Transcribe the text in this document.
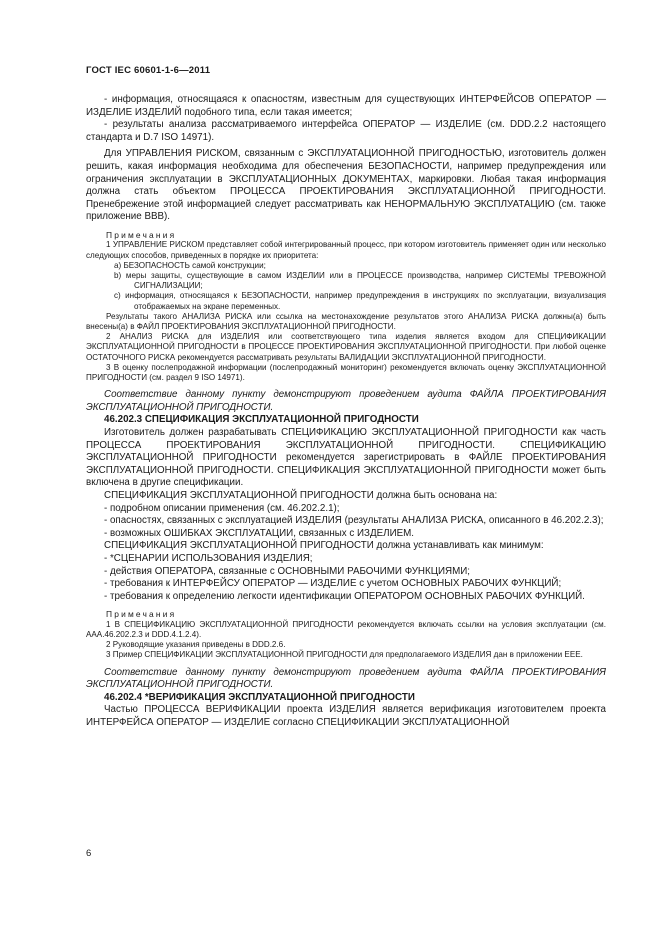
ГОСТ IEC 60601-1-6—2011

- информация, относящаяся к опасностям, известным для существующих ИНТЕРФЕЙСОВ ОПЕРАТОР — ИЗДЕЛИЕ ИЗДЕЛИЙ подобного типа, если такая имеется;

- результаты анализа рассматриваемого интерфейса ОПЕРАТОР — ИЗДЕЛИЕ (см. DDD.2.2 настоящего стандарта и D.7 ISO 14971).

Для УПРАВЛЕНИЯ РИСКОМ, связанным с ЭКСПЛУАТАЦИОННОЙ ПРИГОДНОСТЬЮ, изготовитель должен решить, какая информация необходима для обеспечения БЕЗОПАСНОСТИ, например предупреждения или ограничения эксплуатации в ЭКСПЛУАТАЦИОННЫХ ДОКУМЕНТАХ, маркировки. Любая такая информация должна стать объектом ПРОЦЕССА ПРОЕКТИРОВАНИЯ ЭКСПЛУАТАЦИОННОЙ ПРИГОДНОСТИ. Пренебрежение этой информацией следует рассматривать как НЕНОРМАЛЬНУЮ ЭКСПЛУАТАЦИЮ (см. также приложение ВВВ).

Примечания

1 УПРАВЛЕНИЕ РИСКОМ представляет собой интегрированный процесс, при котором изготовитель применяет один или несколько следующих способов, приведенных в порядке их приоритета:

а) БЕЗОПАСНОСТЬ самой конструкции;

b) меры защиты, существующие в самом ИЗДЕЛИИ или в ПРОЦЕССЕ производства, например СИСТЕМЫ ТРЕВОЖНОЙ СИГНАЛИЗАЦИИ;

с) информация, относящаяся к БЕЗОПАСНОСТИ, например предупреждения в инструкциях по эксплуатации, визуализация отображаемых на экране переменных.

Результаты такого АНАЛИЗА РИСКА или ссылка на местонахождение результатов этого АНАЛИЗА РИСКА должны(а) быть внесены(а) в ФАЙЛ ПРОЕКТИРОВАНИЯ ЭКСПЛУАТАЦИОННОЙ ПРИГОДНОСТИ.

2 АНАЛИЗ РИСКА для ИЗДЕЛИЯ или соответствующего типа изделия является входом для СПЕЦИФИКАЦИИ ЭКСПЛУАТАЦИОННОЙ ПРИГОДНОСТИ в ПРОЦЕССЕ ПРОЕКТИРОВАНИЯ ЭКСПЛУАТАЦИОННОЙ ПРИГОДНОСТИ. При любой оценке ОСТАТОЧНОГО РИСКА рекомендуется рассматривать результаты ВАЛИДАЦИИ ЭКСПЛУАТАЦИОННОЙ ПРИГОДНОСТИ.

3 В оценку послепродажной информации (послепродажный мониторинг) рекомендуется включать оценку ЭКСПЛУАТАЦИОННОЙ ПРИГОДНОСТИ (см. раздел 9 ISO 14971).

Соответствие данному пункту демонстрируют проведением аудита ФАЙЛА ПРОЕКТИРОВАНИЯ ЭКСПЛУАТАЦИОННОЙ ПРИГОДНОСТИ.

46.202.3 СПЕЦИФИКАЦИЯ ЭКСПЛУАТАЦИОННОЙ ПРИГОДНОСТИ

Изготовитель должен разрабатывать СПЕЦИФИКАЦИЮ ЭКСПЛУАТАЦИОННОЙ ПРИГОДНОСТИ как часть ПРОЦЕССА ПРОЕКТИРОВАНИЯ ЭКСПЛУАТАЦИОННОЙ ПРИГОДНОСТИ. СПЕЦИФИКАЦИЮ ЭКСПЛУАТАЦИОННОЙ ПРИГОДНОСТИ рекомендуется зарегистрировать в ФАЙЛЕ ПРОЕКТИРОВАНИЯ ЭКСПЛУАТАЦИОННОЙ ПРИГОДНОСТИ. СПЕЦИФИКАЦИЯ ЭКСПЛУАТАЦИОННОЙ ПРИГОДНОСТИ может быть включена в другие спецификации.

СПЕЦИФИКАЦИЯ ЭКСПЛУАТАЦИОННОЙ ПРИГОДНОСТИ должна быть основана на:

- подробном описании применения (см. 46.202.2.1);

- опасностях, связанных с эксплуатацией ИЗДЕЛИЯ (результаты АНАЛИЗА РИСКА, описанного в 46.202.2.3);

- возможных ОШИБКАХ ЭКСПЛУАТАЦИИ, связанных с ИЗДЕЛИЕМ.

СПЕЦИФИКАЦИЯ ЭКСПЛУАТАЦИОННОЙ ПРИГОДНОСТИ должна устанавливать как минимум:

- *СЦЕНАРИИ ИСПОЛЬЗОВАНИЯ ИЗДЕЛИЯ;

- действия ОПЕРАТОРА, связанные с ОСНОВНЫМИ РАБОЧИМИ ФУНКЦИЯМИ;

- требования к ИНТЕРФЕЙСУ ОПЕРАТОР — ИЗДЕЛИЕ с учетом ОСНОВНЫХ РАБОЧИХ ФУНКЦИЙ;

- требования к определению легкости идентификации ОПЕРАТОРОМ ОСНОВНЫХ РАБОЧИХ ФУНКЦИЙ.

Примечания

1 В СПЕЦИФИКАЦИЮ ЭКСПЛУАТАЦИОННОЙ ПРИГОДНОСТИ рекомендуется включать ссылки на условия эксплуатации (см. ААА.46.202.2.3 и DDD.4.1.2.4).

2 Руководящие указания приведены в DDD.2.6.

3 Пример СПЕЦИФИКАЦИИ ЭКСПЛУАТАЦИОННОЙ ПРИГОДНОСТИ для предполагаемого ИЗДЕЛИЯ дан в приложении ЕЕЕ.

Соответствие данному пункту демонстрируют проведением аудита ФАЙЛА ПРОЕКТИРОВАНИЯ ЭКСПЛУАТАЦИОННОЙ ПРИГОДНОСТИ.

46.202.4 *ВЕРИФИКАЦИЯ ЭКСПЛУАТАЦИОННОЙ ПРИГОДНОСТИ

Частью ПРОЦЕССА ВЕРИФИКАЦИИ проекта ИЗДЕЛИЯ является верификация изготовителем проекта ИНТЕРФЕЙСА ОПЕРАТОР — ИЗДЕЛИЕ согласно СПЕЦИФИКАЦИИ ЭКСПЛУАТАЦИОННОЙ

6
